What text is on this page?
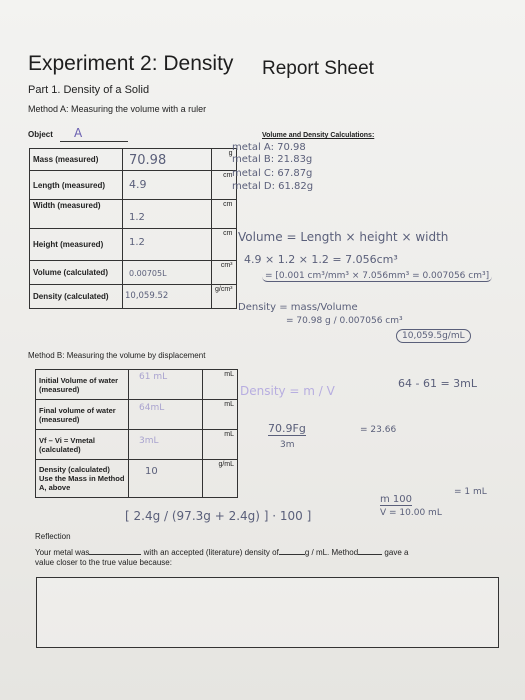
Experiment 2: Density Report Sheet
Part 1. Density of a Solid
Method A: Measuring the volume with a ruler
Object A	Volume and Density Calculations:
Mass (measured)	70.98	g
Length (measured)	4.9	cm
Width (measured)	1.2	cm
Height (measured)	1.2	cm
Volume (calculated)	0.00705L	cm³
Density (calculated)	10,059.52	g/cm³
metal A: 70.98
metal B: 21.83g
metal C: 67.87g
metal D: 61.82g
Volume = Length × height × width
4.9 × 1.2 × 1.2 = 7.056cm³
= [0.001 cm³/mm³ × 7.056mm³ = 0.007056 cm³]
Density = mass/Volume
= 70.98 g / 0.007056 cm³
10,059.5g/mL
Method B: Measuring the volume by displacement
Initial Volume of water (measured)	61 mL	mL
Final volume of water (measured)	64mL	mL
Vf – Vi = Vmetal (calculated)	3mL	mL
Density (calculated) Use the Mass in Method A, above	10	g/mL
Density = m / V
64 - 61 = 3mL
70.9Fg
3m
= 23.66
[ 2.4g / (97.3g + 2.4g) ] · 100 ]
m 100
V = 10.00 mL
= 1 mL
Reflection
Your metal was	with an accepted (literature) density of	g / mL. Method	gave a
value closer to the true value because:
